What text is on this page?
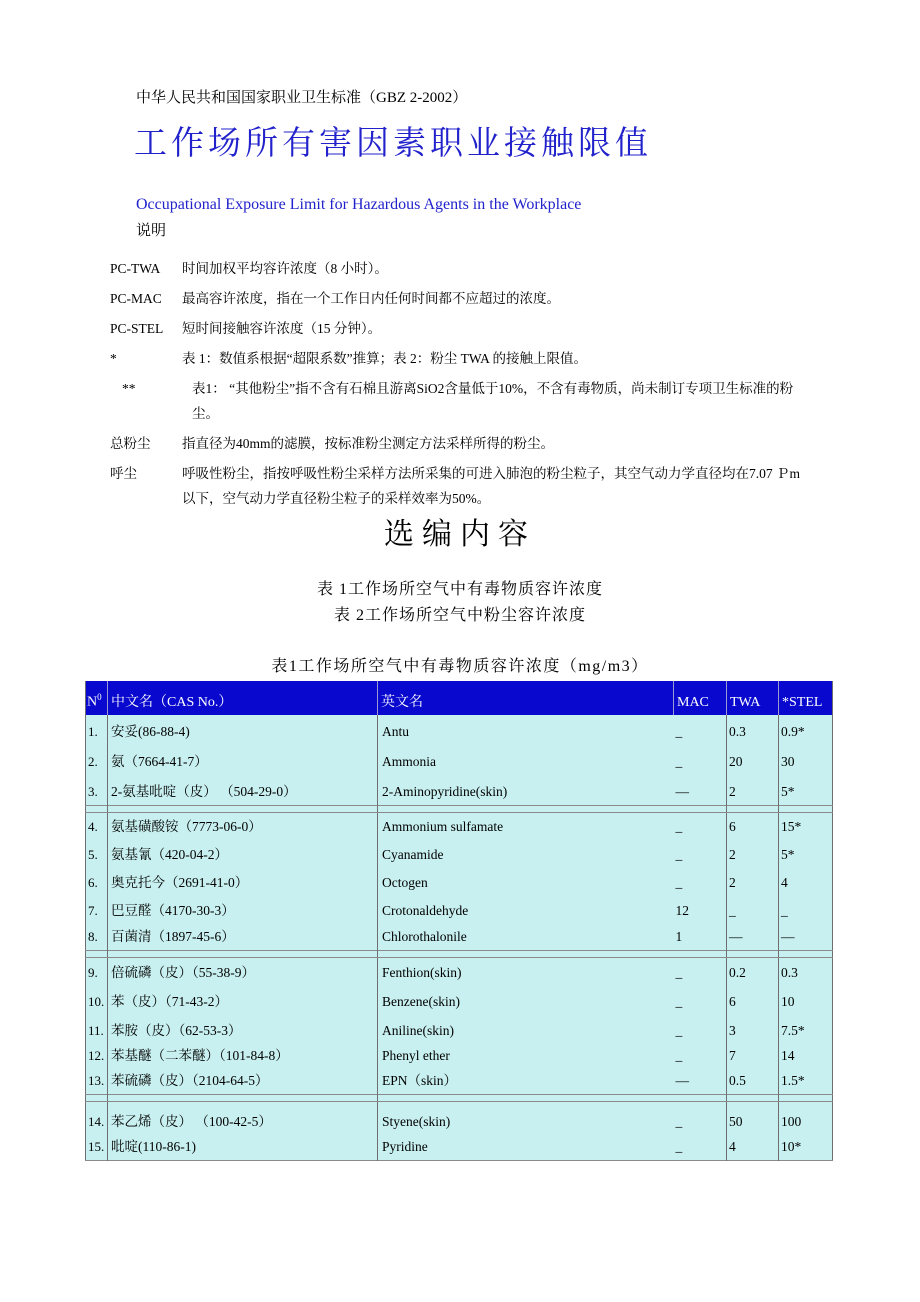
中华人民共和国国家职业卫生标准（GBZ 2-2002）
工作场所有害因素职业接触限值
Occupational Exposure Limit for Hazardous Agents in the Workplace
说明
PC-TWA	时间加权平均容许浓度（8 小时）。
PC-MAC	最高容许浓度，指在一个工作日内任何时间都不应超过的浓度。
PC-STEL	短时间接触容许浓度（15 分钟）。
*	表 1：数值系根据“超限系数”推算；表 2：粉尘 TWA 的接触上限值。
**	表1： “其他粉尘”指不含有石棉且游离SiO2含量低于10%，不含有毒物质，尚未制订专项卫生标准的粉尘。
总粉尘	指直径为40mm的滤膜，按标准粉尘测定方法采样所得的粉尘。
呼尘	呼吸性粉尘，指按呼吸性粉尘采样方法所采集的可进入肺泡的粉尘粒子，其空气动力学直径均在7.07 Ｐm以下，空气动力学直径粉尘粒子的采样效率为50%。
选编内容
表 1工作场所空气中有毒物质容许浓度
表 2工作场所空气中粉尘容许浓度
表1工作场所空气中有毒物质容许浓度（mg/m3）
$N^0$	中文名（CAS No.）	英文名	MAC	TWA	*STEL
1.	安妥(86-88-4)	Antu	_	0.3	0.9*
2.	氨（7664-41-7）	Ammonia	_	20	30
3.	2-氨基吡啶（皮） （504-29-0）	2-Aminopyridine(skin)	—	2	5*

4.	氨基磺酸铵（7773-06-0）	Ammonium sulfamate	_	6	15*
5.	氨基氰（420-04-2）	Cyanamide	_	2	5*
6.	奥克托今（2691-41-0）	Octogen	_	2	4
7.	巴豆醛（4170-30-3）	Crotonaldehyde	12	_	_
8.	百菌清（1897-45-6）	Chlorothalonile	1	—	—

9.	倍硫磷（皮）（55-38-9）	Fenthion(skin)	_	0.2	0.3
10.	苯（皮）（71-43-2）	Benzene(skin)	_	6	10
11.	苯胺（皮）（62-53-3）	Aniline(skin)	_	3	7.5*
12.	苯基醚（二苯醚）（101-84-8）	Phenyl ether	_	7	14
13.	苯硫磷（皮）（2104-64-5）	EPN（skin）	—	0.5	1.5*

14.	苯乙烯（皮） （100-42-5）	Styene(skin)	_	50	100
15.	吡啶(110-86-1)	Pyridine	_	4	10*
